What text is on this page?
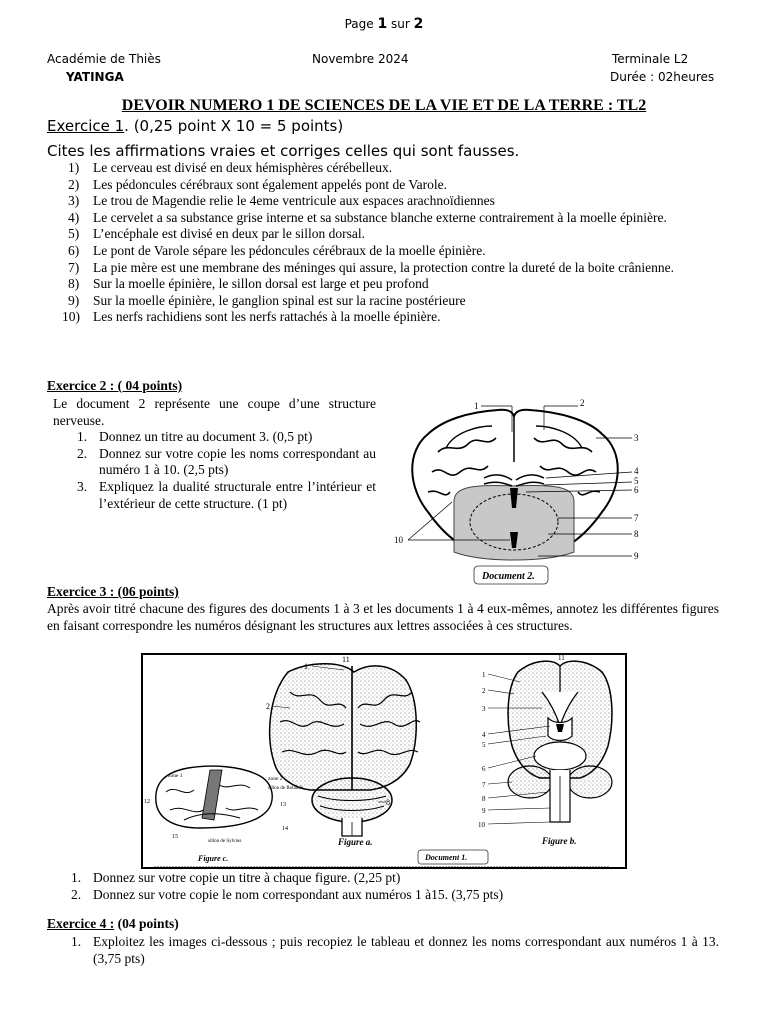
Page 1 sur 2
Académie de Thiès
YATINGA
Novembre 2024	Terminale L2
Durée : 02heures
DEVOIR NUMERO 1 DE SCIENCES DE LA VIE ET DE LA TERRE : TL2
Exercice 1. (0,25 point X 10 = 5 points)
Cites les affirmations vraies et corriges celles qui sont fausses.
1) Le cerveau est divisé en deux hémisphères cérébelleux.
2) Les pédoncules cérébraux sont également appelés pont de Varole.
3) Le trou de Magendie relie le 4eme ventricule aux espaces arachnoïdiennes
4) Le cervelet a sa substance grise interne et sa substance blanche externe contrairement à la moelle épinière.
5) L’encéphale est divisé en deux par le sillon dorsal.
6) Le pont de Varole sépare les pédoncules cérébraux de la moelle épinière.
7) La pie mère est une membrane des méninges qui assure, la protection contre la dureté de la boite crânienne.
8) Sur la moelle épinière, le sillon dorsal est large et peu profond
9) Sur la moelle épinière, le ganglion spinal est sur la racine postérieure
10) Les nerfs rachidiens sont les nerfs rattachés à la moelle épinière.
Exercice 2 : ( 04 points)
Le document 2 représente une coupe d’une structure nerveuse.
1. Donnez un titre au document 3. (0,5 pt)
2. Donnez sur votre copie les noms correspondant au numéro 1 à 10. (2,5 pts)
3. Expliquez la dualité structurale entre l’intérieur et l’extérieur de cette structure. (1 pt)
1	2
3
4
5
6
7
8
9
10
Document 2.
Exercice 3 : (06 points)
Après avoir titré chacune des figures des documents 1 à 3 et les documents 1 à 4 eux-mêmes, annotez les différentes figures en faisant correspondre les numéros désignant les structures aux lettres associées à ces structures.
1
2
8
11
Figure a.
1
2
3
4
5
6
7
8
9
10
11
Figure b.
zone 1	zone 2
sillon de Rolando
sillon de Sylvius
12	13
14
15
Figure c.	Document 1.
1. Donnez sur votre copie un titre à chaque figure. (2,25 pt)
2. Donnez sur votre copie le nom correspondant aux numéros 1 à15. (3,75 pts)
Exercice 4 : (04 points)
1. Exploitez les images ci-dessous ; puis recopiez le tableau et donnez les noms correspondant aux numéros 1 à 13. (3,75 pts)
